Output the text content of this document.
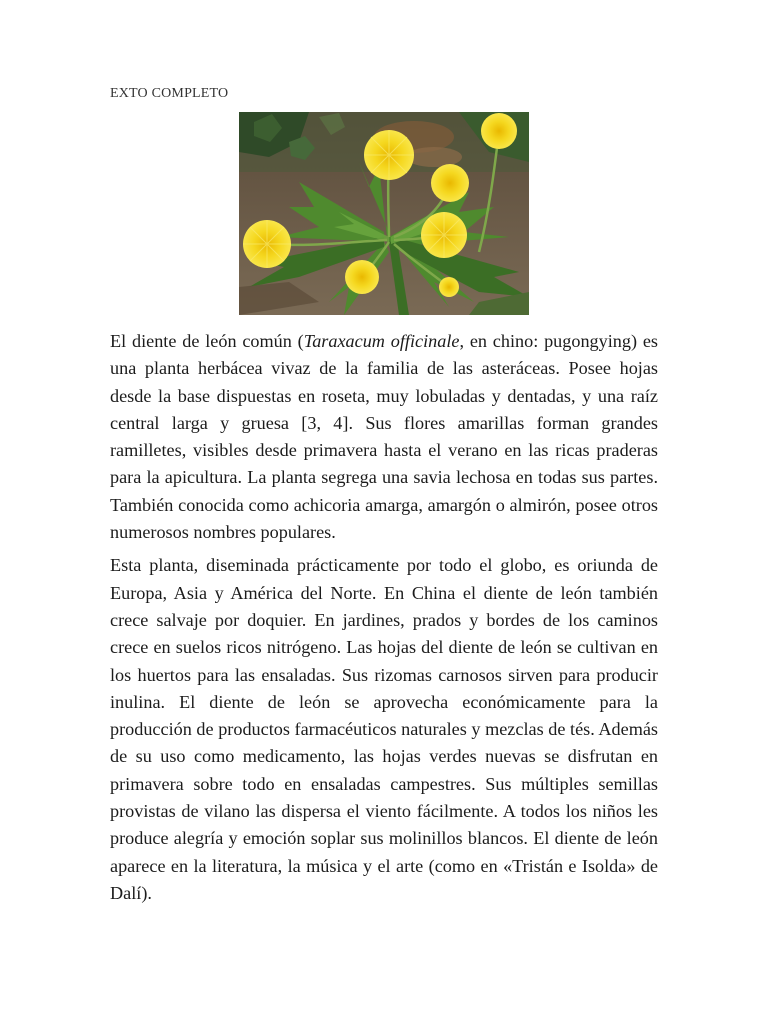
EXTO COMPLETO

El diente de león común (Taraxacum officinale, en chino: pugongying) es una planta herbácea vivaz de la familia de las asteráceas. Posee hojas desde la base dispuestas en roseta, muy lobuladas y dentadas, y una raíz central larga y gruesa [3, 4]. Sus flores amarillas forman grandes ramilletes, visibles desde primavera hasta el verano en las ricas praderas para la apicultura. La planta segrega una savia lechosa en todas sus partes. También conocida como achicoria amarga, amargón o almirón, posee otros numerosos nombres populares.

Esta planta, diseminada prácticamente por todo el globo, es oriunda de Europa, Asia y América del Norte. En China el diente de león también crece salvaje por doquier. En jardines, prados y bordes de los caminos crece en suelos ricos nitrógeno. Las hojas del diente de león se cultivan en los huertos para las ensaladas. Sus rizomas carnosos sirven para producir inulina. El diente de león se aprovecha económicamente para la producción de productos farmacéuticos naturales y mezclas de tés. Además de su uso como medicamento, las hojas verdes nuevas se disfrutan en primavera sobre todo en ensaladas campestres. Sus múltiples semillas provistas de vilano las dispersa el viento fácilmente. A todos los niños les produce alegría y emoción soplar sus molinillos blancos. El diente de león aparece en la literatura, la música y el arte (como en «Tristán e Isolda» de Dalí).
